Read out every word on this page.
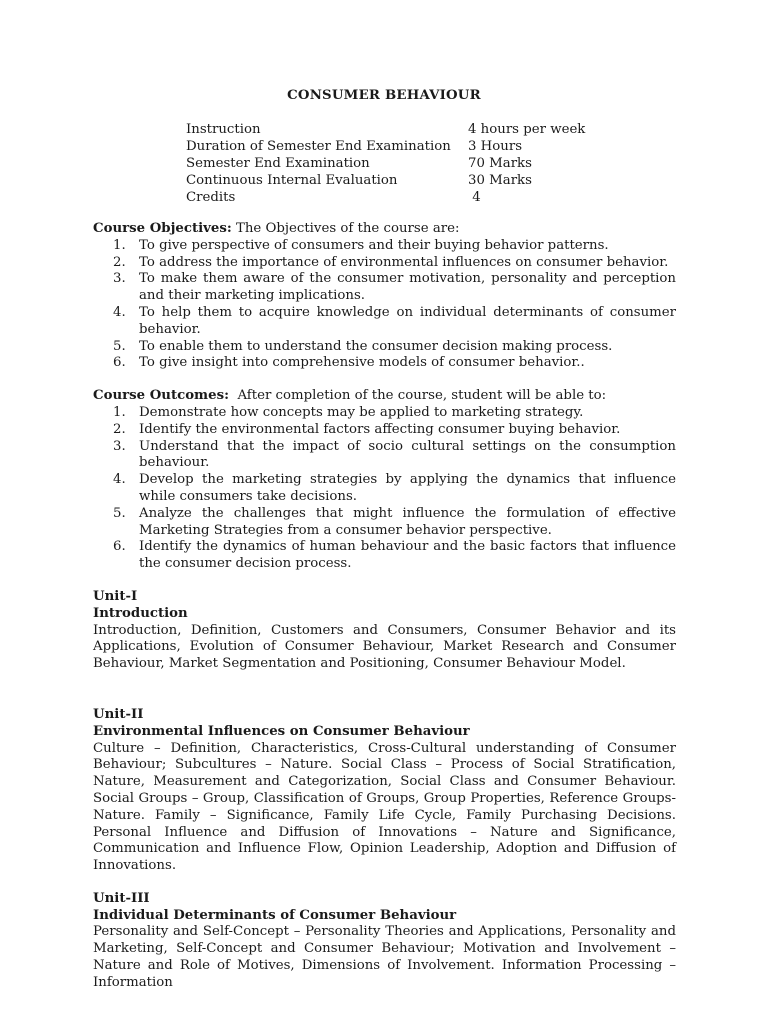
CONSUMER BEHAVIOUR
Instruction	4 hours per week
Duration of Semester End Examination	3 Hours
Semester End Examination	70 Marks
Continuous Internal Evaluation	30 Marks
Credits	4
Course Objectives: The Objectives of the course are:
1. To give perspective of consumers and their buying behavior patterns.
2. To address the importance of environmental influences on consumer behavior.
3. To make them aware of the consumer motivation, personality and perception and their marketing implications.
4. To help them to acquire knowledge on individual determinants of consumer behavior.
5. To enable them to understand the consumer decision making process.
6. To give insight into comprehensive models of consumer behavior..
Course Outcomes:  After completion of the course, student will be able to:
1. Demonstrate how concepts may be applied to marketing strategy.
2. Identify the environmental factors affecting consumer buying behavior.
3. Understand that the impact of socio cultural settings on the consumption behaviour.
4. Develop the marketing strategies by applying the dynamics that influence while consumers take decisions.
5. Analyze the challenges that might influence the formulation of effective Marketing Strategies from a consumer behavior perspective.
6. Identify the dynamics of human behaviour and the basic factors that influence the consumer decision process.
Unit-I
Introduction
Introduction, Definition, Customers and Consumers, Consumer Behavior and its Applications, Evolution of Consumer Behaviour, Market Research and Consumer Behaviour, Market Segmentation and Positioning, Consumer Behaviour Model.
Unit-II
Environmental Influences on Consumer Behaviour
Culture – Definition, Characteristics, Cross-Cultural understanding of Consumer Behaviour; Subcultures – Nature. Social Class – Process of Social Stratification, Nature, Measurement and Categorization, Social Class and Consumer Behaviour. Social Groups – Group, Classification of Groups, Group Properties, Reference Groups- Nature. Family – Significance, Family Life Cycle, Family Purchasing Decisions. Personal Influence and Diffusion of Innovations – Nature and Significance, Communication and Influence Flow, Opinion Leadership, Adoption and Diffusion of Innovations.
Unit-III
Individual Determinants of Consumer Behaviour
Personality and Self-Concept – Personality Theories and Applications, Personality and Marketing, Self-Concept and Consumer Behaviour; Motivation and Involvement – Nature and Role of Motives, Dimensions of Involvement. Information Processing – Information
